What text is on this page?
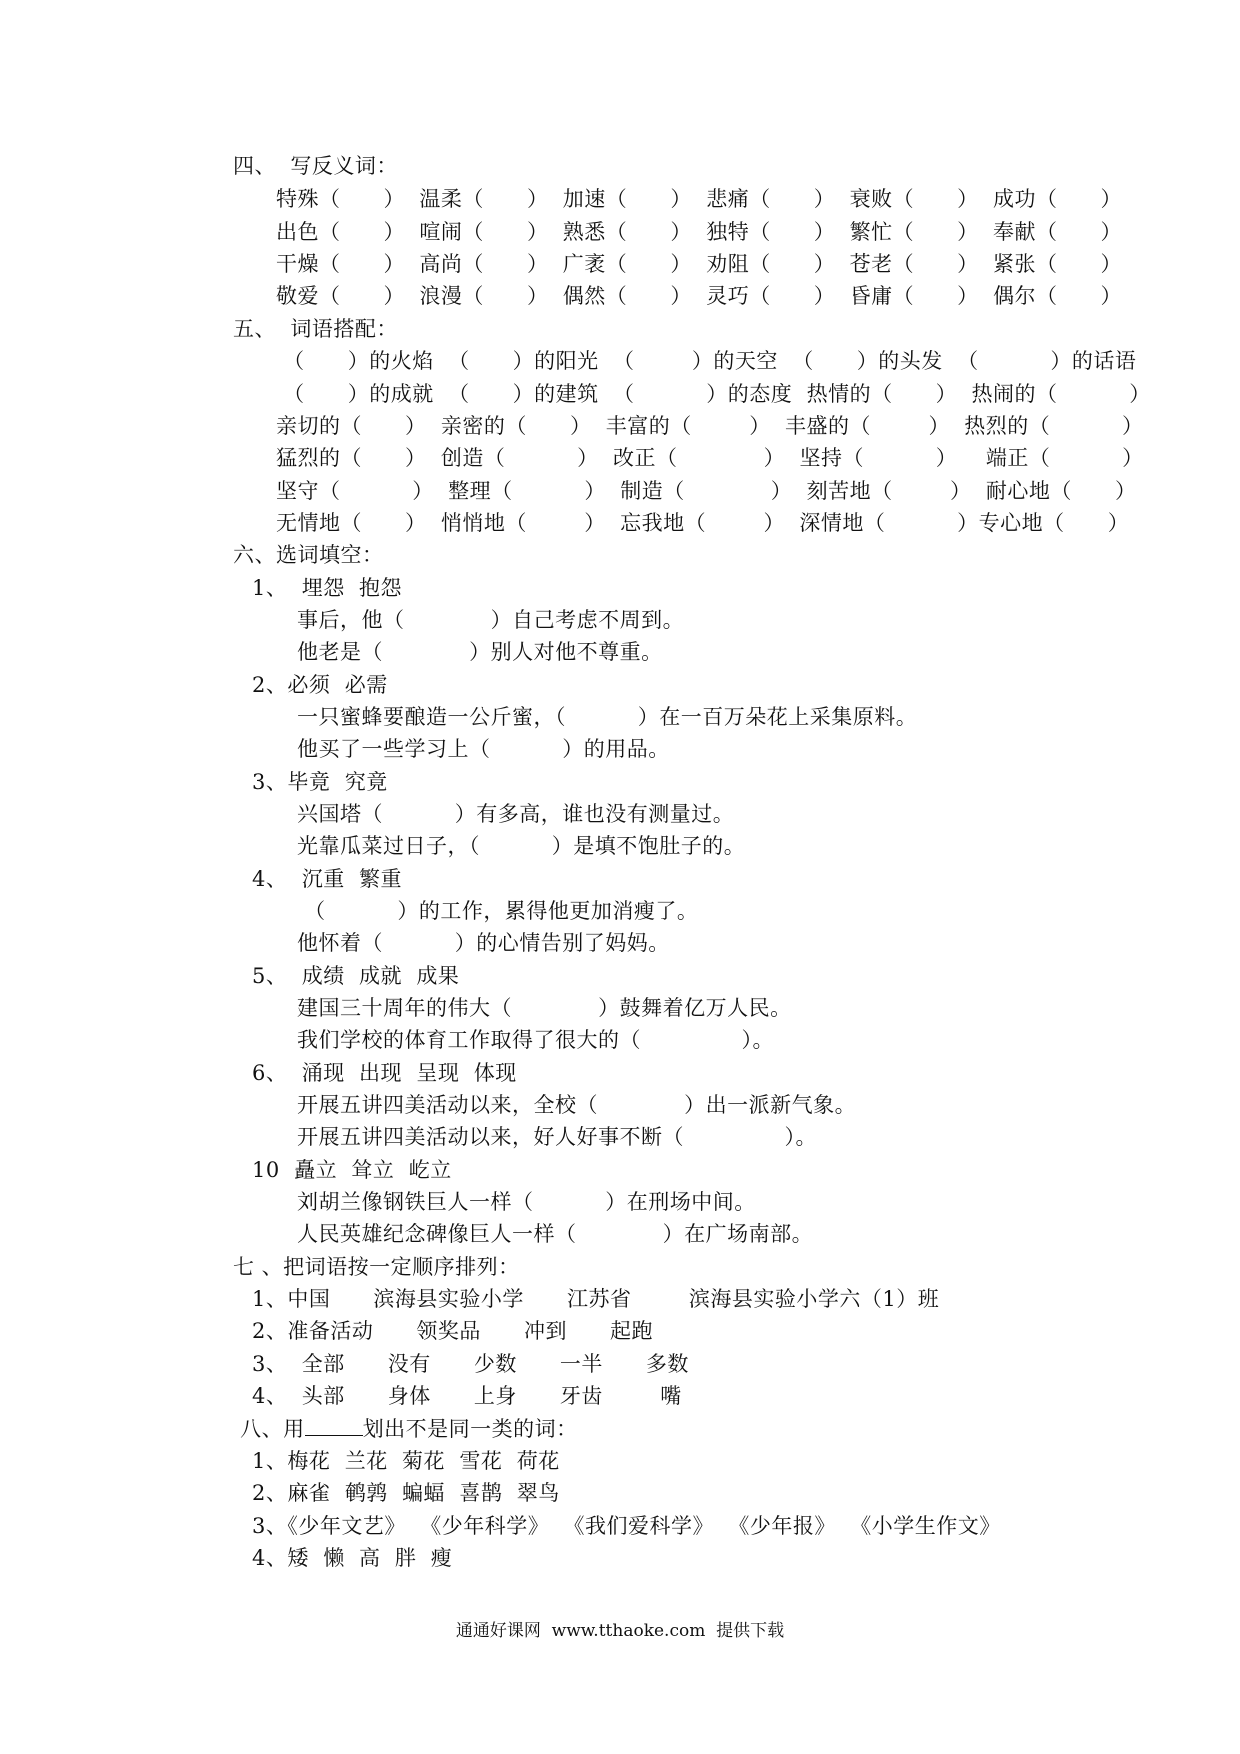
四、  写反义词：
特殊（      ）  温柔（      ）  加速（      ）  悲痛（      ）  衰败（      ）  成功（      ）
出色（      ）  喧闹（      ）  熟悉（      ）  独特（      ）  繁忙（      ）  奉献（      ）
干燥（      ）  高尚（      ）  广袤（      ）  劝阻（      ）  苍老（      ）  紧张（      ）
敬爱（      ）  浪漫（      ）  偶然（      ）  灵巧（      ）  昏庸（      ）  偶尔（      ）
五、  词语搭配：
（      ）的火焰  （      ）的阳光  （        ）的天空  （      ）的头发  （          ）的话语
（      ）的成就  （      ）的建筑  （          ）的态度  热情的（      ）  热闹的（          ）
亲切的（      ）  亲密的（      ）  丰富的（        ）  丰盛的（        ）  热烈的（          ）
猛烈的（      ）  创造（          ）  改正（            ）  坚持（          ）    端正（          ）
坚守（          ）  整理（          ）  制造（            ）  刻苦地（        ）  耐心地（      ）
无情地（      ）  悄悄地（        ）  忘我地（        ）  深情地（          ）专心地（      ）
六、选词填空：
1、  埋怨  抱怨
事后，他（            ）自己考虑不周到。
他老是（            ）别人对他不尊重。
2、必须  必需
一只蜜蜂要酿造一公斤蜜，（          ）在一百万朵花上采集原料。
他买了一些学习上（          ）的用品。
3、毕竟  究竟
兴国塔（          ）有多高，谁也没有测量过。
光靠瓜菜过日子，（          ）是填不饱肚子的。
4、  沉重  繁重
（          ）的工作，累得他更加消瘦了。
他怀着（          ）的心情告别了妈妈。
5、  成绩  成就  成果
建国三十周年的伟大（            ）鼓舞着亿万人民。
我们学校的体育工作取得了很大的（              ）。
6、  涌现  出现  呈现  体现
开展五讲四美活动以来，全校（            ）出一派新气象。
开展五讲四美活动以来，好人好事不断（              ）。
10  矗立  耸立  屹立
刘胡兰像钢铁巨人一样（          ）在刑场中间。
人民英雄纪念碑像巨人一样（            ）在广场南部。
七 、把词语按一定顺序排列：
1、中国      滨海县实验小学      江苏省        滨海县实验小学六（1）班
2、准备活动      领奖品      冲到      起跑
3、  全部      没有      少数      一半      多数
4、  头部      身体      上身      牙齿        嘴
八、用	划出不是同一类的词：
1、梅花  兰花  菊花  雪花  荷花
2、麻雀  鹌鹑  蝙蝠  喜鹊  翠鸟
3、《少年文艺》  《少年科学》  《我们爱科学》  《少年报》  《小学生作文》
4、矮  懒  高  胖  瘦
通通好课网  www.tthaoke.com  提供下载
